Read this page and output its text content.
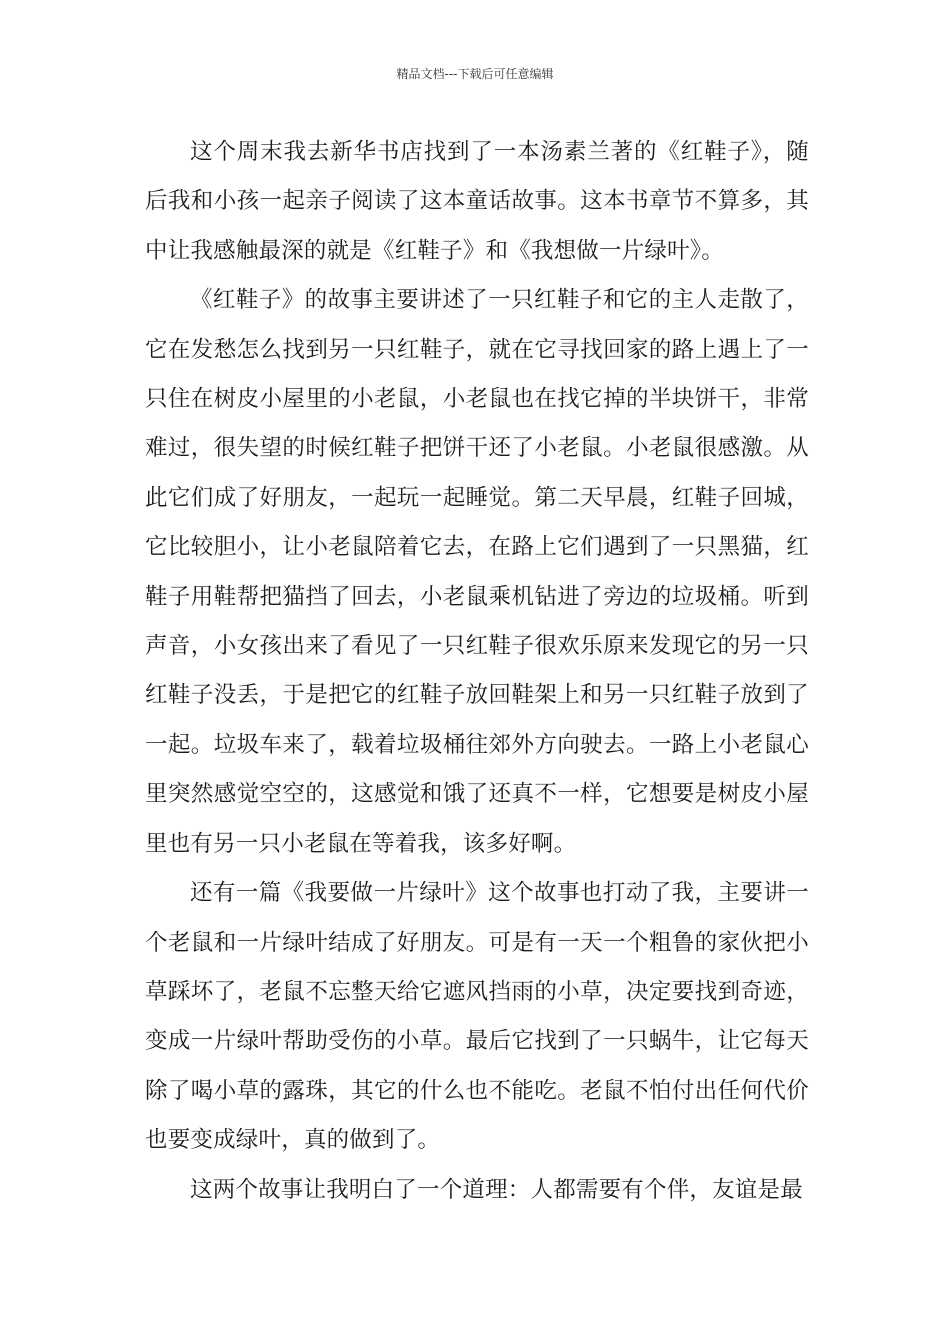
精品文档---下载后可任意编辑

这个周末我去新华书店找到了一本汤素兰著的《红鞋子》，随后我和小孩一起亲子阅读了这本童话故事。这本书章节不算多，其中让我感触最深的就是《红鞋子》和《我想做一片绿叶》。

《红鞋子》的故事主要讲述了一只红鞋子和它的主人走散了，它在发愁怎么找到另一只红鞋子，就在它寻找回家的路上遇上了一只住在树皮小屋里的小老鼠，小老鼠也在找它掉的半块饼干，非常难过，很失望的时候红鞋子把饼干还了小老鼠。小老鼠很感激。从此它们成了好朋友，一起玩一起睡觉。第二天早晨，红鞋子回城，它比较胆小，让小老鼠陪着它去，在路上它们遇到了一只黑猫，红鞋子用鞋帮把猫挡了回去，小老鼠乘机钻进了旁边的垃圾桶。听到声音，小女孩出来了看见了一只红鞋子很欢乐原来发现它的另一只红鞋子没丢，于是把它的红鞋子放回鞋架上和另一只红鞋子放到了一起。垃圾车来了，载着垃圾桶往郊外方向驶去。一路上小老鼠心里突然感觉空空的，这感觉和饿了还真不一样，它想要是树皮小屋里也有另一只小老鼠在等着我，该多好啊。

还有一篇《我要做一片绿叶》这个故事也打动了我，主要讲一个老鼠和一片绿叶结成了好朋友。可是有一天一个粗鲁的家伙把小草踩坏了，老鼠不忘整天给它遮风挡雨的小草，决定要找到奇迹，变成一片绿叶帮助受伤的小草。最后它找到了一只蜗牛，让它每天除了喝小草的露珠，其它的什么也不能吃。老鼠不怕付出任何代价也要变成绿叶，真的做到了。

这两个故事让我明白了一个道理：人都需要有个伴，友谊是最
